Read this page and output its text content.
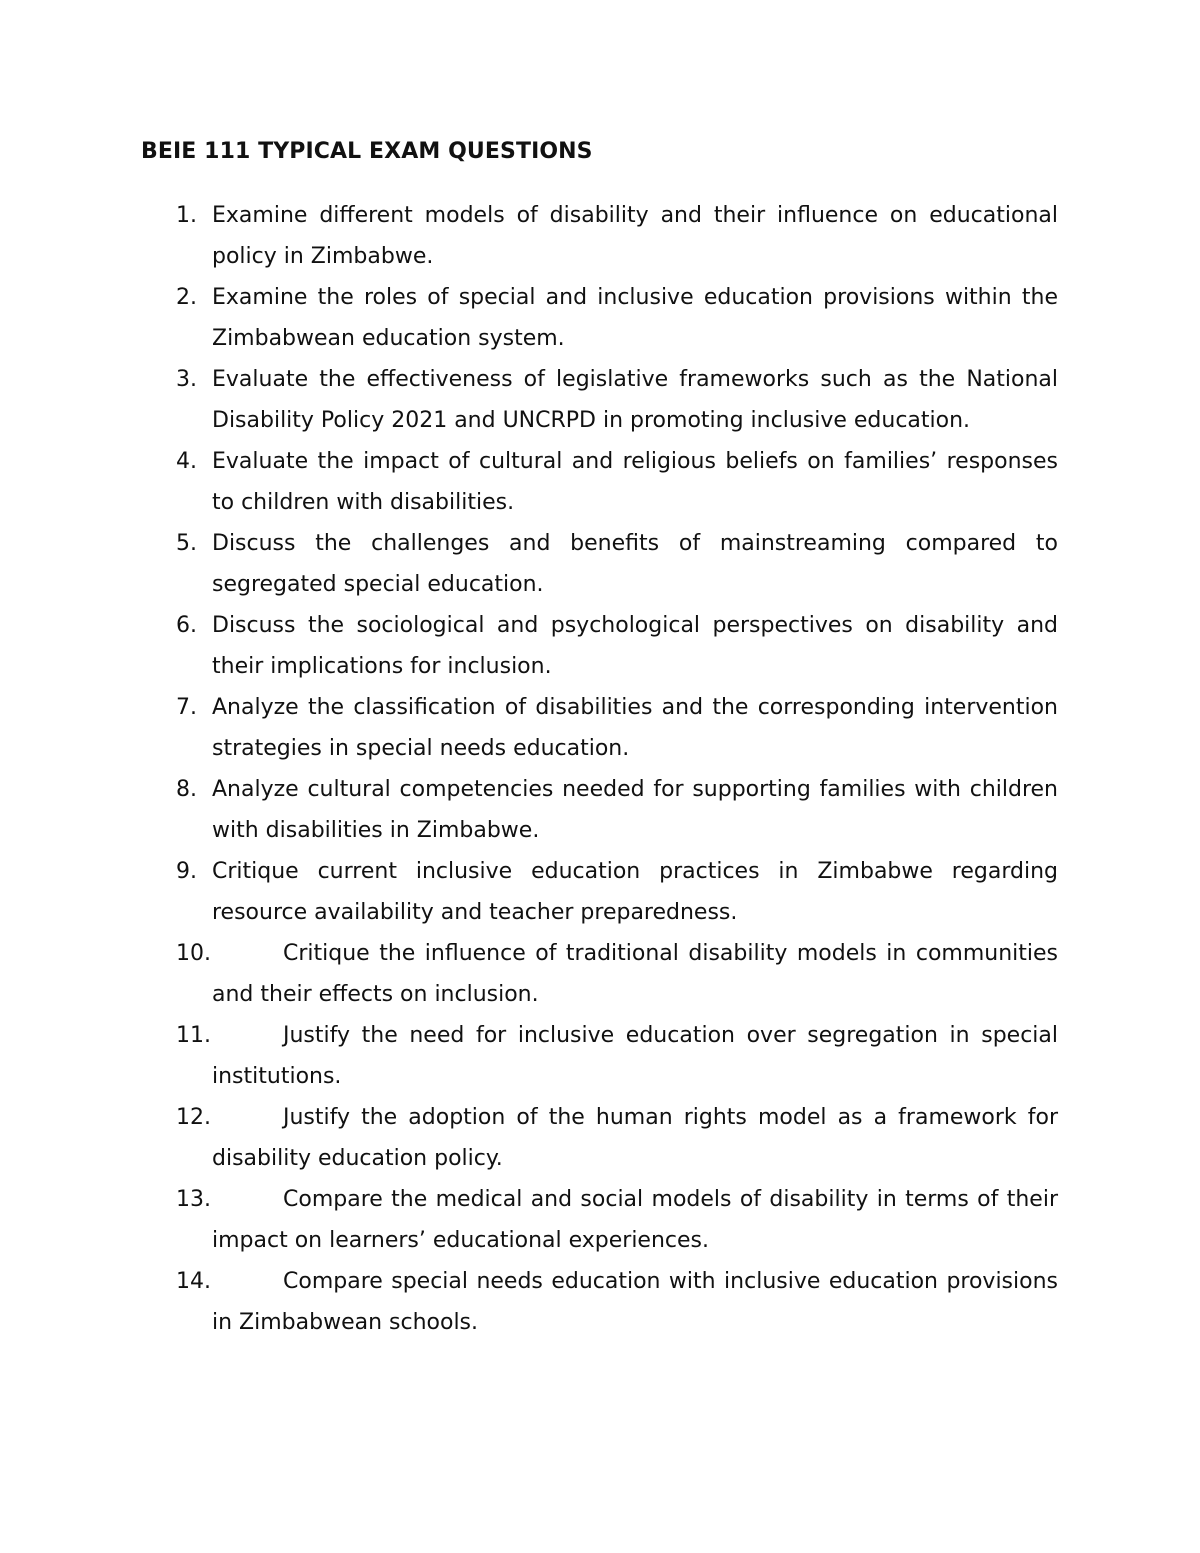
BEIE 111 TYPICAL EXAM QUESTIONS
1. Examine different models of disability and their influence on educational policy in Zimbabwe.
2. Examine the roles of special and inclusive education provisions within the Zimbabwean education system.
3. Evaluate the effectiveness of legislative frameworks such as the National Disability Policy 2021 and UNCRPD in promoting inclusive education.
4. Evaluate the impact of cultural and religious beliefs on families’ responses to children with disabilities.
5. Discuss the challenges and benefits of mainstreaming compared to segregated special education.
6. Discuss the sociological and psychological perspectives on disability and their implications for inclusion.
7. Analyze the classification of disabilities and the corresponding intervention strategies in special needs education.
8. Analyze cultural competencies needed for supporting families with children with disabilities in Zimbabwe.
9. Critique current inclusive education practices in Zimbabwe regarding resource availability and teacher preparedness.
10.	Critique the influence of traditional disability models in communities and their effects on inclusion.
11.	Justify the need for inclusive education over segregation in special institutions.
12.	Justify the adoption of the human rights model as a framework for disability education policy.
13.	Compare the medical and social models of disability in terms of their impact on learners’ educational experiences.
14.	Compare special needs education with inclusive education provisions in Zimbabwean schools.
